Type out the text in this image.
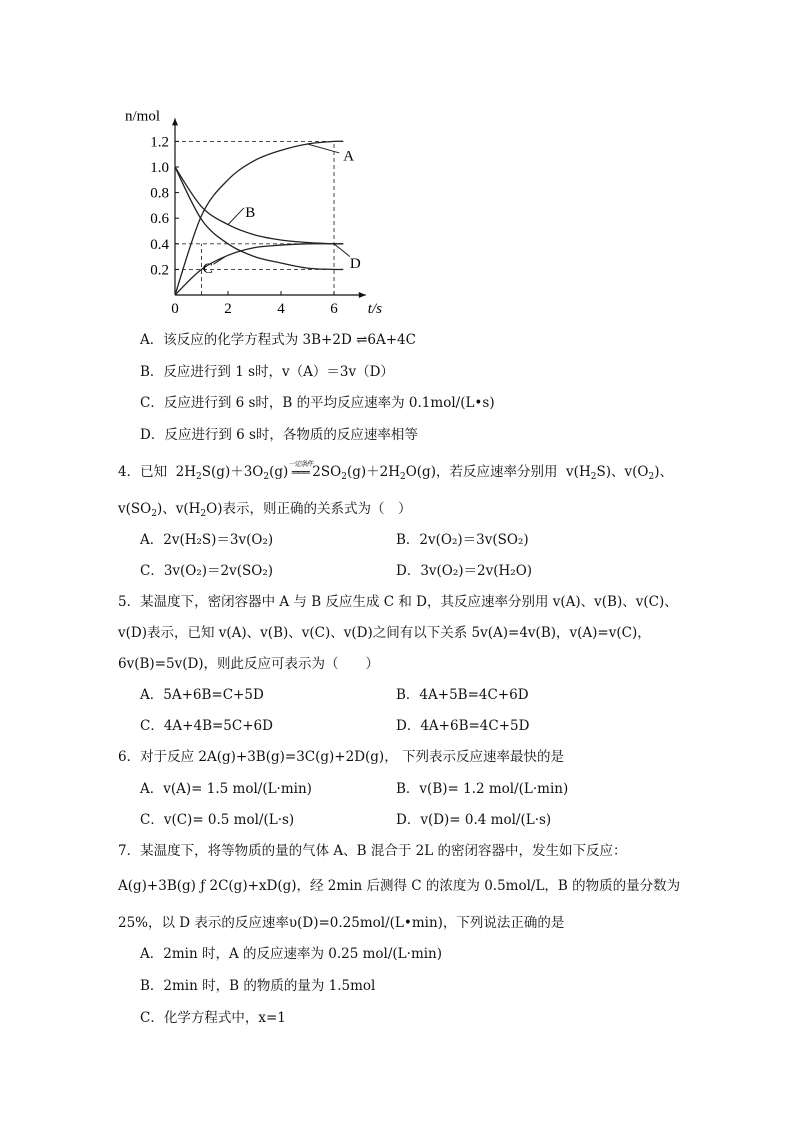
0.2
0.4
0.6
0.8
1.0
1.2
0	2	4	6
n/mol
t/s
A
B
C	D
A．该反应的化学方程式为 3B+2D ⇌6A+4C
B．反应进行到 1 s时，v（A）＝3v（D）
C．反应进行到 6 s时，B 的平均反应速率为 0.1mol/(L•s)
D．反应进行到 6 s时，各物质的反应速率相等
4．已知  $2H_2S(g)+3O_2(g)$ 一定条件
═══ $2SO_2(g)+2H_2O(g)$，若反应速率分别用  $v(H_2S)$、$v(O_2)$、
$v(SO_2)$、$v(H_2O)$表示，则正确的关系式为（　）
A．2v(H₂S)＝3v(O₂)	B．2v(O₂)＝3v(SO₂)
C．3v(O₂)＝2v(SO₂)	D．3v(O₂)＝2v(H₂O)
5．某温度下，密闭容器中 A 与 B 反应生成 C 和 D，其反应速率分别用 v(A)、v(B)、v(C)、
v(D)表示，已知 v(A)、v(B)、v(C)、v(D)之间有以下关系 5v(A)=4v(B)，v(A)=v(C)，
6v(B)=5v(D)，则此反应可表示为（　　）
A．5A+6B=C+5D	B．4A+5B=4C+6D
C．4A+4B=5C+6D	D．4A+6B=4C+5D
6．对于反应 2A(g)+3B(g)=3C(g)+2D(g)， 下列表示反应速率最快的是
A．v(A)= 1.5 mol/(L·min)	B．v(B)= 1.2 mol/(L·min)
C．v(C)= 0.5 mol/(L·s)	D．v(D)= 0.4 mol/(L·s)
7．某温度下，将等物质的量的气体 A、B 混合于 2L 的密闭容器中，发生如下反应：
A(g)+3B(g) ƒ 2C(g)+xD(g)，经 2min 后测得 C 的浓度为 0.5mol/L，B 的物质的量分数为
25%，以 D 表示的反应速率υ(D)=0.25mol/(L•min)，下列说法正确的是
A．2min 时，A 的反应速率为 0.25 mol/(L·min)
B．2min 时，B 的物质的量为 1.5mol
C．化学方程式中，x=1
